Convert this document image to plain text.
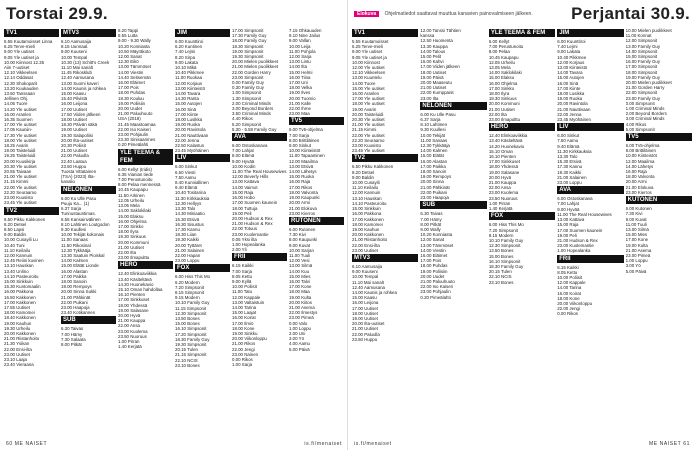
Torstai 29.9.
TV1
5.55 Kuutamoisset Linna
6.25 Terve-mieli
9.00 Yle uutiset
9.05 Yle uutiset ja
10.00 Kiinnost 12.35
Aiin 7-uutiset
12.10 Vikkeelsen
12.14 Oddasat
12.30 Shokoparit
13.20 Kuukauden
13.50 Tanssaan
Jellinen Ohj.
14.05 Tuore
14.20 Yle uutiset
16.00 Aranlen
16.35 Suomen
17.00 Yle uutiset
17.05 Kauniin-
17.30 Yle uutiset
18.00 Yle uutiset
18.25 Avarin
19.00 Taisteluidi
19.25 Taisteluidi
20.00 Kuusikirja
20.30 Yle uutiset
20.55 Taivaan
21.00 Yle uutiset
21.15 Kimmi
22.00 Yle uutiset
22.20 Seuraamo
23.00 Kuusisto
23.45 Yle uutiset
TV2
6.50 Pikku Kakkonen
8.20 Detsel
8.50 Lapsi
9.00 Baldin
10.00 Cusayili Lu
10.40 Tuni
11.10 Keilailu
12.00 Kannuin
12.45 Reiini kuvinen
13.10 Hauskan
13.40 Unlino
14.10 Pasteuroitu
15.00 Sinkkuin
15.30 Kuntomaalin
16.00 Pakkona
16.50 Kakkonen
17.00 Kakkonen
17.55 Uutiset
18.00 Kamomei
18.40 Kakkonen
19.00 Kauhun
19.30 Urheilu
20.00 Kakkonen
21.00 Riistanhoito
21.30 Ysikan
22.00 Ensi-ilta
23.00 Uutiset
23.10 Laaja
23.40 Vieraana
MTV3
6.10 Aamusaija
8.15 Uunnaal.
9.00 Kuuseni
10.00 Tempal
10.30 (13) Schitt's Creek
11.10 Mai sanalt
11.45 Rikosklub
12.40 Aamusana
13.00 Suomi kaveri
14.00 Kaunis ja rohkea
15.00 Kaasu
15.40 Pilvistä
16.00 Leijona
17.00 Uutiset
17.50 Viiden jälkeen
18.00 Uutiset
18.30 Päivän säkä
19.00 Uutiset
19.30 Salapoliisi
20.00 Ilta-uutiset
20.30 Poliisit
21.00 Uutiset
22.00 Paluulla
22.40 Laatua
23.50 Huppu
Tuosta Vittatainen
(TSA) (2023) Ilta-
kanalio
NELONEN
6.00 Ku Ulle Pasu
Puuju Ka... (1)
6.37 Sarja
Tunnustauntimas.
6.55 Kansainvälinen
8.10 Lahtinen Loutgodon
9.30 Kuullesi
10.00 Tekijät kokonais
11.00 Sanaas
11.50 Rikosinal
12.30 Tykkääja
13.30 Saatuin Pioiskal
14.00 Kalmen
15.00 Elätät Lionde
16.00 Alastan
17.00 Paikka
18.00 Sanoin
19.00 Rempoys
20.00 Sinna Sukki
21.00 Pähkinät
22.00 Puikani
23.00 Haapoja
23.40 Kotikannes
SUB
6.30 Taivas
7.00 Hämy
7.30 Salaata
8.00 Pitkät
8.20 Tappi
8.55 Lutta
9.00 - 9.30 Wally
10.20 Konniasta
10.50 Mäyräkoto
12.00 Sanat
12.30 Eikö
13.00 Tämmöset
14.00 Viestin
14.40 Seitsemän
16.00 Eläimet
17.00 Pois
18.00 Puhdas
18.30 Kouluu
19.00 Poliisiin
20.00 Uudet
21.00 Paluuhuuto
USA (2018)
21.45 Maastoamaa
22.00 Iso Kaiseri
23.00 Pohjaulin
23.30 Sinisaarimes
0.20 Pimeälahti
YLE TEEMA & FEM
6.00 Kellyt (Iridis)
6.35 Vianian tiede
7.00 Perustunoitu
8.00 Pelaa mennessä
10.45 Kaupapu
11.50 Arkinen
12.05 Urheilu
13.05 Mela
14.00 Saklokilaki
15.00 Elaksu
16.00 Ohjelma
17.00 Sinkko
18.00 Ilyra
19.30 Sinkuus
20.00 Kommuni
21.00 Uutiset
22.00 Ilta
23.00 Ilmapulttu
HERO
12.40 Elinkoaviikkia
13.40 Käsiteltävä
14.20 Huonekavio
15.10 Oman hahdollaa
16.10 Pienten
17.00 Sinkkuset
18.00 Yhdessä
19.00 Salasane
20.00 Hyvä
21.00 Kauppa
22.00 Ansa
23.00 Kuolema
23.50 Nuoruus
1.00 Pirran
1.40 Kerjatä
JIM
6.00 Kuunttiroi
6.20 Kuntinen
7.40 Lejmi
8.20 Sirpa
9.00 Lakata
10.10 Mikä
10.40 Pikkmee
11.00 Ruokaa
12.00 Korjaus
13.00 Kiinteistö
14.00 Tavara
14.30 Ranta
15.00 Autojen
16.00 Sinä
17.00 Kiinte
18.00 Lusikka
19.00 Ruoka
20.00 Ravintola
21.00 Nauttivaan
22.00 Jenna
22.50 Kalastus
23.45 Myöhäinen
LIV
6.00 Sinkut
6.50 Viesti
7.50 Aamu
8.40 Kunniallinen
9.40 Elämä
10.40 Tositarina
11.30 Kirkkauksia
12.30 Hellyys
13.30 Talo
14.30 Miniaatio
15.30 Etsivä
16.30 Sisustus
17.30 Kannu
18.30 Liian
19.30 Kaikki
20.00 Tyttäret
21.00 Salainen
22.00 Hapan
23.00 Loppu
FOX
6.00 Hiss This Mo
6.20 Modern
7.20 Simpsonit
8.15 Simpsonit
9.15 Modern
10.10 Family Guy
11.15 Simpsonit
12.30 Simpsonit
13.50 Bones
15.00 Bones
16.10 Simpsonit
17.20 Simpsonit
18.30 Family Guy
19.30 Simpsonit
20.15 Tulen
21.15 Simpsonit
22.10 NCIS
23.10 Bones
17.00 Simpsonit
17.30 Family Guy
18.00 Family Guy
18.30 Simpsonit
19.00 Simpsonit
19.30 Simpsonit
20.00 Mielen puolikkeet
21.00 Mielen puolikkeet
22.00 Gorden Harry
23.00 Simpsonit
0.00 Family Guy
0.30 Family Guy
1.00 Simpsonit
1.30 Simpsonit
2.00 Criminal Minds
3.00 Beyond Borders
3.50 Criminal Minds
4.40 Rikos
5.20 Simpsonit
5.30 - 5.58 Family Guy
AVA
6.00 Ostoskanava
7.00 Lahjat
8.00 Elämä
9.00 Hyvää
10.00 Kodin
11.00 The Real Housewives
12.00 Beverly Hills
13.00 Kattava
14.00 Vaimot
15.00 Raja
16.00 Hobo
17.00 Suomen kaunein
18.00 Tuttuja
19.00 Peli
20.00 Hudson & Rex
21.00 Hudson & Rex
22.00 Totuus
23.00 Kuolemantie
0.05 Yksi ilta
1.00 Hopealanka
2.00 Yli
FRII
6.15 Kaikki
7.00 Sarja
8.05 Kettu
9.00 Kyllä
10.00 Poliisit
11.00 Tatu
12.00 Kappale
13.00 Valtaistuin
14.00 Tarina
15.00 Laajat
16.00 Koirat
17.00 Ilmiö
18.00 Kone
19.00 Sinkku
20.00 Viikonloppu
21.00 Rikos
22.00 Jengi
23.00 Nainen
0.00 Rikos
1.00 Sarja
7.15 Ohkauuden
8.10 Nine Jailus
9.00 Vallan
10.00 Leija
11.00 Pohjola
12.00 Sarja
13.00 Lintu
14.00 Ilta
15.00 Helmi
16.00 Tiina
17.00 Uni
18.00 Velka
19.00 Ilves
20.00 Tuomio
21.00 Kalle
22.00 Ihme
23.00 Maa
TV5
6.00 Tv5-ohjelma
7.00 Sarja
8.00 Brittiläinen
9.00 Sinkut
10.00 Kiinteistöt
11.00 Tapaaminen
12.00 Maailma
13.00 Etsivä
14.00 Lähetys
15.00 Ruoka
16.00 Raja
17.00 Rikos
18.00 Valvonta
19.00 Kaupunki
20.00 Armi
21.00 Elokuva
23.00 Kierros
RUTONEN
6.00 Rutonen
7.30 Kivi
8.00 Kaupunki
9.00 Kuvat
10.00 Sarjan
11.00 Tuuli
12.00 Vesi
13.00 Silmä
14.00 Kuu
15.00 Mies
16.00 Talvi
17.00 Kone
18.00 Maa
19.00 Kulta
20.00 Kiitos
21.00 Asema
22.00 Ilmestys
23.00 Pimeä
0.00 Valo
1.00 Loppu
2.00 Uni
3.00 Yö
4.00 Aamu
5.00 Päivä
60 ME NAISET	is.fi/menaiset
Elokuva Ohjelmatiedot saattavat muuttua kanavien painovalmiseen jälkeen.	Perjantai 30.9.
TV1
5.55 Kuutamoisset
6.25 Terve-mieli
9.00 Yle uutiset
9.05 Yle uutiset ja
10.00 Kiinnost
12.00 Yle uutiset
12.10 Vikkeelsen
13.00 Kuuntelu
14.00 Tuore
15.00 Yle uutiset
16.00 Aranlen
17.00 Yle uutiset
18.00 Yle uutiset
19.00 Avarin
20.00 Taisteluidi
20.30 Yle uutiset
21.00 Yle uutiset
21.15 Kimmi
22.00 Yle uutiset
22.20 Seuraamo
23.00 Kuusisto
23.45 Yle uutiset
TV2
6.50 Pikku Kakkonen
8.20 Detsel
9.00 Baldin
10.00 Cusayili
11.10 Keilailu
12.00 Kannuin
13.10 Hauskan
14.10 Pasteuroitu
15.00 Sinkkuin
16.00 Pakkona
17.00 Kakkonen
18.00 Kamomei
19.00 Kauhun
20.00 Kakkonen
21.00 Riistanhoito
22.00 Ensi-ilta
23.00 Uutiset
MTV3
6.10 Aamusaija
9.00 Kuuseni
10.00 Tempal
11.10 Mai sanalt
12.40 Aamusana
14.00 Kaunis ja rohkea
15.00 Kaasu
16.00 Leijona
17.00 Uutiset
18.00 Uutiset
19.00 Uutiset
20.00 Ilta-uutiset
21.00 Uutiset
22.00 Paluulla
23.50 Huppu
12.00 Tanssi Tähtien
kanssa
12.50 Huomenta
13.30 Kauppa
14.00 Talous
15.00 Pelit
16.00 Kahvi
17.00 Viiden jälkeen
18.00 Uutiset
19.00 Päivä
20.00 Maaseutu
21.00 Uutiset
22.00 Kumppanit
23.00 Ilta
NELONEN
6.00 Ku Ulle Pasu
6.37 Sarja
8.10 Lahtinen
9.30 Kuullesi
10.00 Tekijät
11.00 Sanaas
12.30 Tykkääja
14.00 Kalmen
15.00 Elätät
16.00 Alastan
17.00 Paikka
18.00 Sanoin
19.00 Rempoys
20.00 Sinna
21.00 Pähkinät
22.00 Puikani
23.00 Haapoja
SUB
6.30 Taivas
7.00 Hämy
8.00 Pitkät
9.00 Wally
10.20 Konniasta
12.00 Sanat
13.00 Tämmöset
14.00 Viestin
16.00 Eläimet
17.00 Pois
18.00 Puhdas
19.00 Poliisiin
20.00 Uudet
21.00 Paluuhuuto
22.00 Iso Kaiseri
23.00 Pohjaulin
0.20 Pimeälahti
YLE TEEMA & FEM
6.00 Kellyt
7.00 Perustunoitu
8.00 Pelaa
10.45 Kaupapu
12.05 Urheilu
13.05 Mela
14.00 Saklokilaki
15.00 Elaksu
16.00 Ohjelma
17.00 Sinkko
18.00 Ilyra
19.30 Sinkuus
20.00 Kommuni
21.00 Uutiset
22.00 Ilta
23.00 Ilmapulttu
HERO
12.40 Elinkoaviikkia
13.40 Käsiteltävä
14.20 Huonekavio
15.10 Oman
16.10 Pienten
17.00 Sinkkuset
18.00 Yhdessä
19.00 Salasane
20.00 Hyvä
21.00 Kauppa
22.00 Ansa
23.00 Kuolema
23.50 Nuoruus
1.00 Pirran
1.40 Kerjatä
FOX
6.00 Hiss This Mo
7.20 Simpsonit
9.15 Modern
10.10 Family Guy
12.30 Simpsonit
13.50 Bones
15.00 Bones
16.10 Simpsonit
18.30 Family Guy
20.15 Tulen
22.10 NCIS
23.10 Bones
JIM
6.00 Kuunttiroi
7.40 Lejmi
9.00 Lakata
10.40 Pikkmee
12.00 Korjaus
13.00 Kiinteistö
14.00 Tavara
15.00 Autojen
16.00 Sinä
17.00 Kiinte
18.00 Lusikka
19.00 Ruoka
20.00 Ravintola
21.00 Nauttivaan
22.00 Jenna
23.45 Myöhäinen
LIV
6.00 Sinkut
7.50 Aamu
9.40 Elämä
11.30 Kirkkauksia
13.30 Talo
15.30 Etsivä
17.30 Kannu
19.30 Kaikki
21.00 Salainen
23.00 Loppu
AVA
6.00 Ostoskanava
7.00 Lahjat
9.00 Hyvää
11.00 The Real Housewives
13.00 Kattava
15.00 Raja
17.00 Suomen kaunein
19.00 Peli
21.00 Hudson & Rex
23.00 Kuolemantie
1.00 Hopealanka
FRII
6.15 Kaikki
8.05 Kettu
10.00 Poliisit
12.00 Kappale
14.00 Tarina
16.00 Koirat
18.00 Kone
20.00 Viikonloppu
22.00 Jengi
0.00 Rikos
10.00 Mielen puolikkeet
11.00 Konnat
12.00 Simpsonit
13.00 Family Guy
14.00 Simpsonit
15.00 Simpsonit
16.00 Family Guy
17.00 Simpsonit
18.00 Simpsonit
19.00 Family Guy
20.00 Mielen puolikkeet
21.00 Gorden Harry
22.00 Simpsonit
23.00 Family Guy
0.00 Simpsonit
1.00 Criminal Minds
2.00 Beyond Borders
3.00 Criminal Minds
4.00 Rikos
5.00 Simpsonit
TV5
6.00 Tv5-ohjelma
8.00 Brittiläinen
10.00 Kiinteistöt
12.00 Maailma
14.00 Lähetys
16.00 Raja
18.00 Valvonta
20.00 Armi
21.00 Elokuva
23.00 Kierros
KUTONEN
6.00 Kutonen
7.30 Kivi
9.00 Kuvat
11.00 Tuuli
13.00 Silmä
15.00 Mies
17.00 Kone
19.00 Kulta
21.00 Asema
23.00 Pimeä
1.00 Loppu
3.00 Yö
5.00 Päivä
is.fi/menaiset	ME NAISET 61
